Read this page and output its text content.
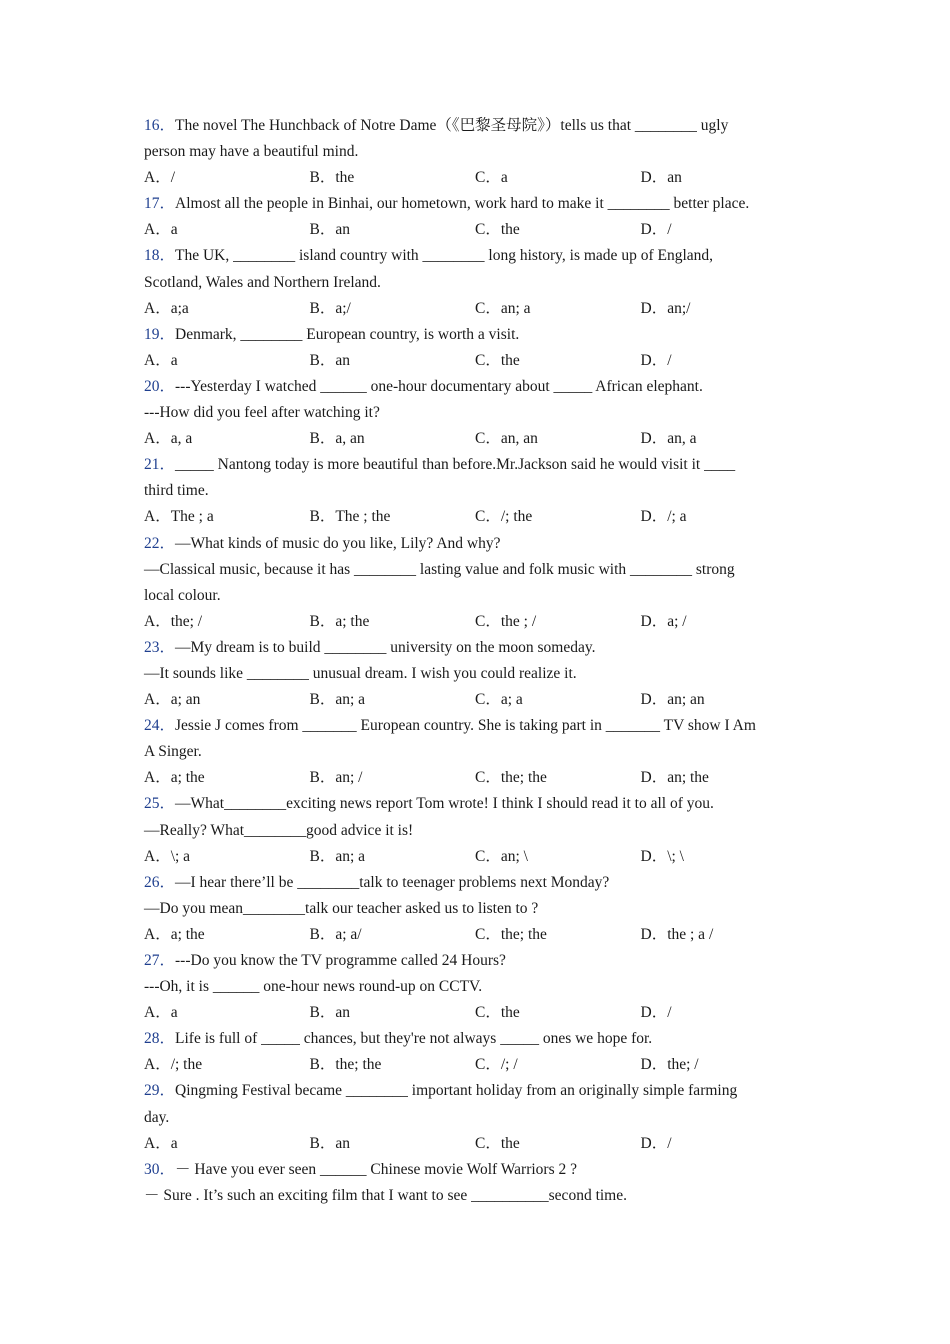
16．The novel The Hunchback of Notre Dame（《巴黎圣母院》）tells us that ________ ugly
person may have a beautiful mind.
A．/	B．the	C．a	D．an
17．Almost all the people in Binhai, our hometown, work hard to make it ________ better place.
A．a	B．an	C．the	D．/
18．The UK, ________ island country with ________ long history, is made up of England,
Scotland, Wales and Northern Ireland.
A．a;a	B．a;/	C．an; a	D．an;/
19．Denmark, ________ European country, is worth a visit.
A．a	B．an	C．the	D．/
20．---Yesterday I watched ______ one-hour documentary about _____ African elephant.
---How did you feel after watching it?
A．a, a	B．a, an	C．an, an	D．an, a
21．_____ Nantong today is more beautiful than before.Mr.Jackson said he would visit it ____
third time.
A．The ; a	B．The ; the	C．/; the	D．/; a
22．—What kinds of music do you like, Lily? And why?
—Classical music, because it has ________ lasting value and folk music with ________ strong
local colour.
A．the; /	B．a; the	C．the ; /	D．a; /
23．—My dream is to build ________ university on the moon someday.
—It sounds like ________ unusual dream. I wish you could realize it.
A．a; an	B．an; a	C．a; a	D．an; an
24．Jessie J comes from _______ European country. She is taking part in _______ TV show I Am
A Singer.
A．a; the	B．an; /	C．the; the	D．an; the
25．—What________exciting news report Tom wrote! I think I should read it to all of you.
—Really? What________good advice it is!
A．\; a	B．an; a	C．an; \	D．\; \
26．—I hear there’ll be ________talk to teenager problems next Monday?
—Do you mean________talk our teacher asked us to listen to ?
A．a; the	B．a; a/	C．the; the	D．the ; a /
27．---Do you know the TV programme called 24 Hours?
---Oh, it is ______ one-hour news round-up on CCTV.
A．a	B．an	C．the	D．/
28．Life is full of _____ chances, but they're not always _____ ones we hope for.
A．/; the	B．the; the	C．/; /	D．the; /
29．Qingming Festival became ________ important holiday from an originally simple farming
day.
A．a	B．an	C．the	D．/
30．－ Have you ever seen ______ Chinese movie Wolf Warriors 2 ?
－ Sure . It’s such an exciting film that I want to see __________second time.
